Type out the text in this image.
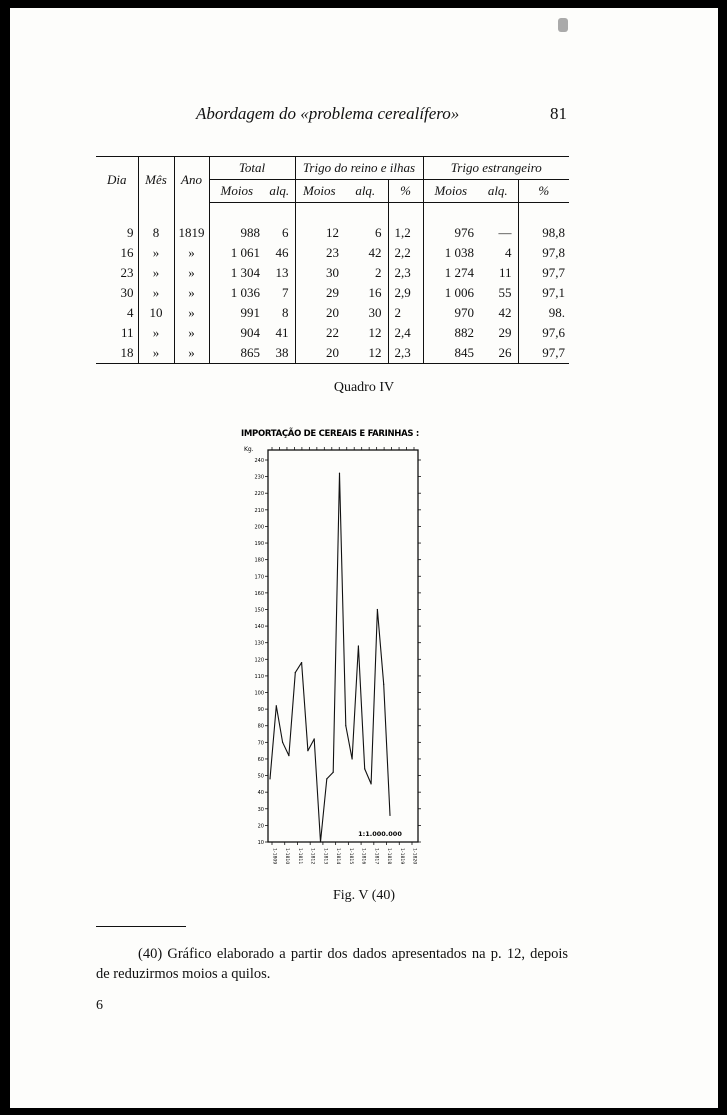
Abordagem do «problema cerealífero»	81
Dia	Mês	Ano	Total		Trigo do reino e ilhas			Trigo estrangeiro		
			Moios	alq.	Moios	alq.	%	Moios	alq.	%

9	8	1819	988	6	12	6	1,2	976	—	98,8
16	»	»	1 061	46	23	42	2,2	1 038	4	97,8
23	»	»	1 304	13	30	2	2,3	1 274	11	97,7
30	»	»	1 036	7	29	16	2,9	1 006	55	97,1
4	10	»	991	8	20	30	2	970	42	98.
11	»	»	904	41	22	12	2,4	882	29	97,6
18	»	»	865	38	20	12	2,3	845	26	97,7
Quadro IV
IMPORTAÇÃO DE CEREAIS E FARINHAS :
Kg.
240
230
220
210
200
190
180
170
160
150
140
130
120
110
100
90
80
70
60
50
40
30
20
10
1-1809 1-1810 1-1811 1-1812 1-1813 1-1814 1-1815 1-1816 1-1817 1-1818 1-1819 1-1820
1:1.000.000
Fig. V (40)
(40) Gráfico elaborado a partir dos dados apresentados na p. 12, depois de reduzirmos moios a quilos.
6
